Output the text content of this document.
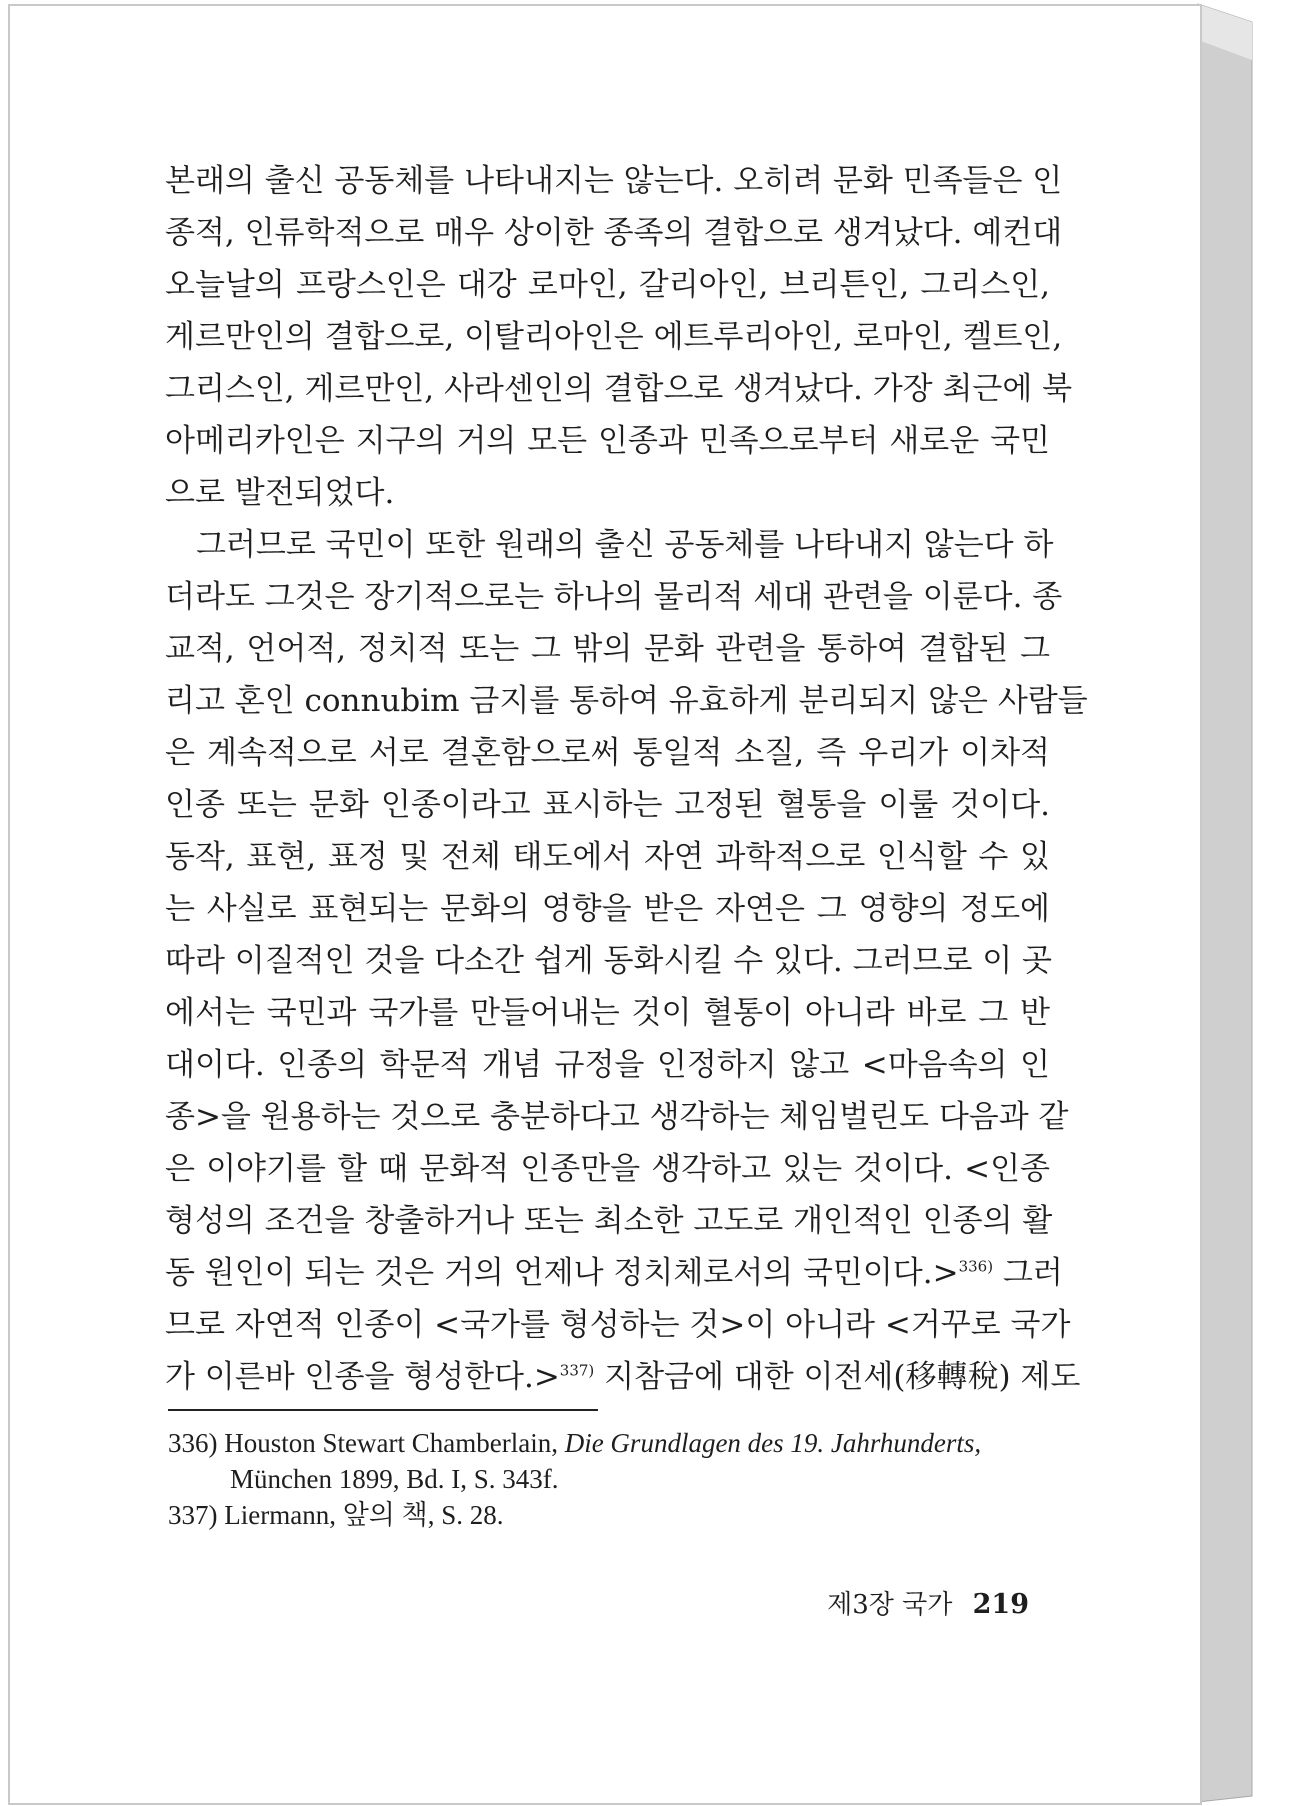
본래의 출신 공동체를 나타내지는 않는다. 오히려 문화 민족들은 인
종적, 인류학적으로 매우 상이한 종족의 결합으로 생겨났다. 예컨대
오늘날의 프랑스인은 대강 로마인, 갈리아인, 브리튼인, 그리스인,
게르만인의 결합으로, 이탈리아인은 에트루리아인, 로마인, 켈트인,
그리스인, 게르만인, 사라센인의 결합으로 생겨났다. 가장 최근에 북
아메리카인은 지구의 거의 모든 인종과 민족으로부터 새로운 국민
으로 발전되었다.
그러므로 국민이 또한 원래의 출신 공동체를 나타내지 않는다 하
더라도 그것은 장기적으로는 하나의 물리적 세대 관련을 이룬다. 종
교적, 언어적, 정치적 또는 그 밖의 문화 관련을 통하여 결합된 그
리고 혼인 connubim 금지를 통하여 유효하게 분리되지 않은 사람들
은 계속적으로 서로 결혼함으로써 통일적 소질, 즉 우리가 이차적
인종 또는 문화 인종이라고 표시하는 고정된 혈통을 이룰 것이다.
동작, 표현, 표정 및 전체 태도에서 자연 과학적으로 인식할 수 있
는 사실로 표현되는 문화의 영향을 받은 자연은 그 영향의 정도에
따라 이질적인 것을 다소간 쉽게 동화시킬 수 있다. 그러므로 이 곳
에서는 국민과 국가를 만들어내는 것이 혈통이 아니라 바로 그 반
대이다. 인종의 학문적 개념 규정을 인정하지 않고 <마음속의 인
종>을 원용하는 것으로 충분하다고 생각하는 체임벌린도 다음과 같
은 이야기를 할 때 문화적 인종만을 생각하고 있는 것이다. <인종
형성의 조건을 창출하거나 또는 최소한 고도로 개인적인 인종의 활
동 원인이 되는 것은 거의 언제나 정치체로서의 국민이다.>$^{336)}$ 그러
므로 자연적 인종이 <국가를 형성하는 것>이 아니라 <거꾸로 국가
가 이른바 인종을 형성한다.>$^{337)}$ 지참금에 대한 이전세(移轉稅) 제도

336) Houston Stewart Chamberlain, Die Grundlagen des 19. Jahrhunderts,

München 1899, Bd. I, S. 343f.

337) Liermann, 앞의 책, S. 28.

제3장 국가 219
